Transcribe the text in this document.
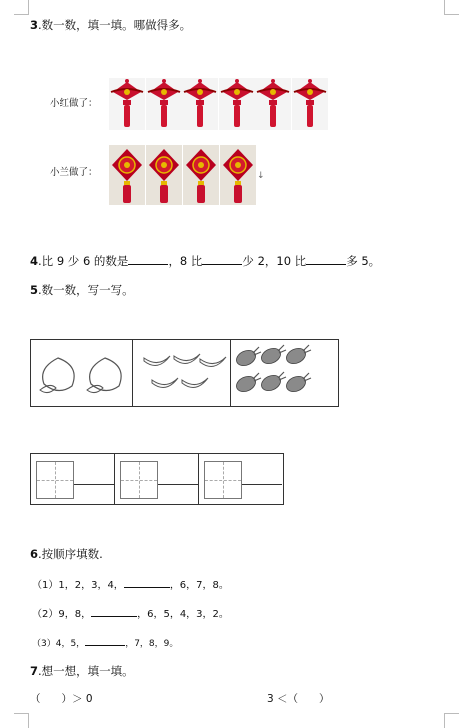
3.数一数，填一填。哪做得多。
小红做了：
小兰做了：	↓
4.比 9 少 6 的数是	，8 比	少 2，10 比	多 5。
5.数一数，写一写。
6.按顺序填数.
（1）1，2，3，4，	，6，7，8。
（2）9，8，	，6，5，4，3，2。
（3）4，5，	，7，8，9。
7.想一想，填一填。
（　　）＞ 0	3 ＜（　　）
